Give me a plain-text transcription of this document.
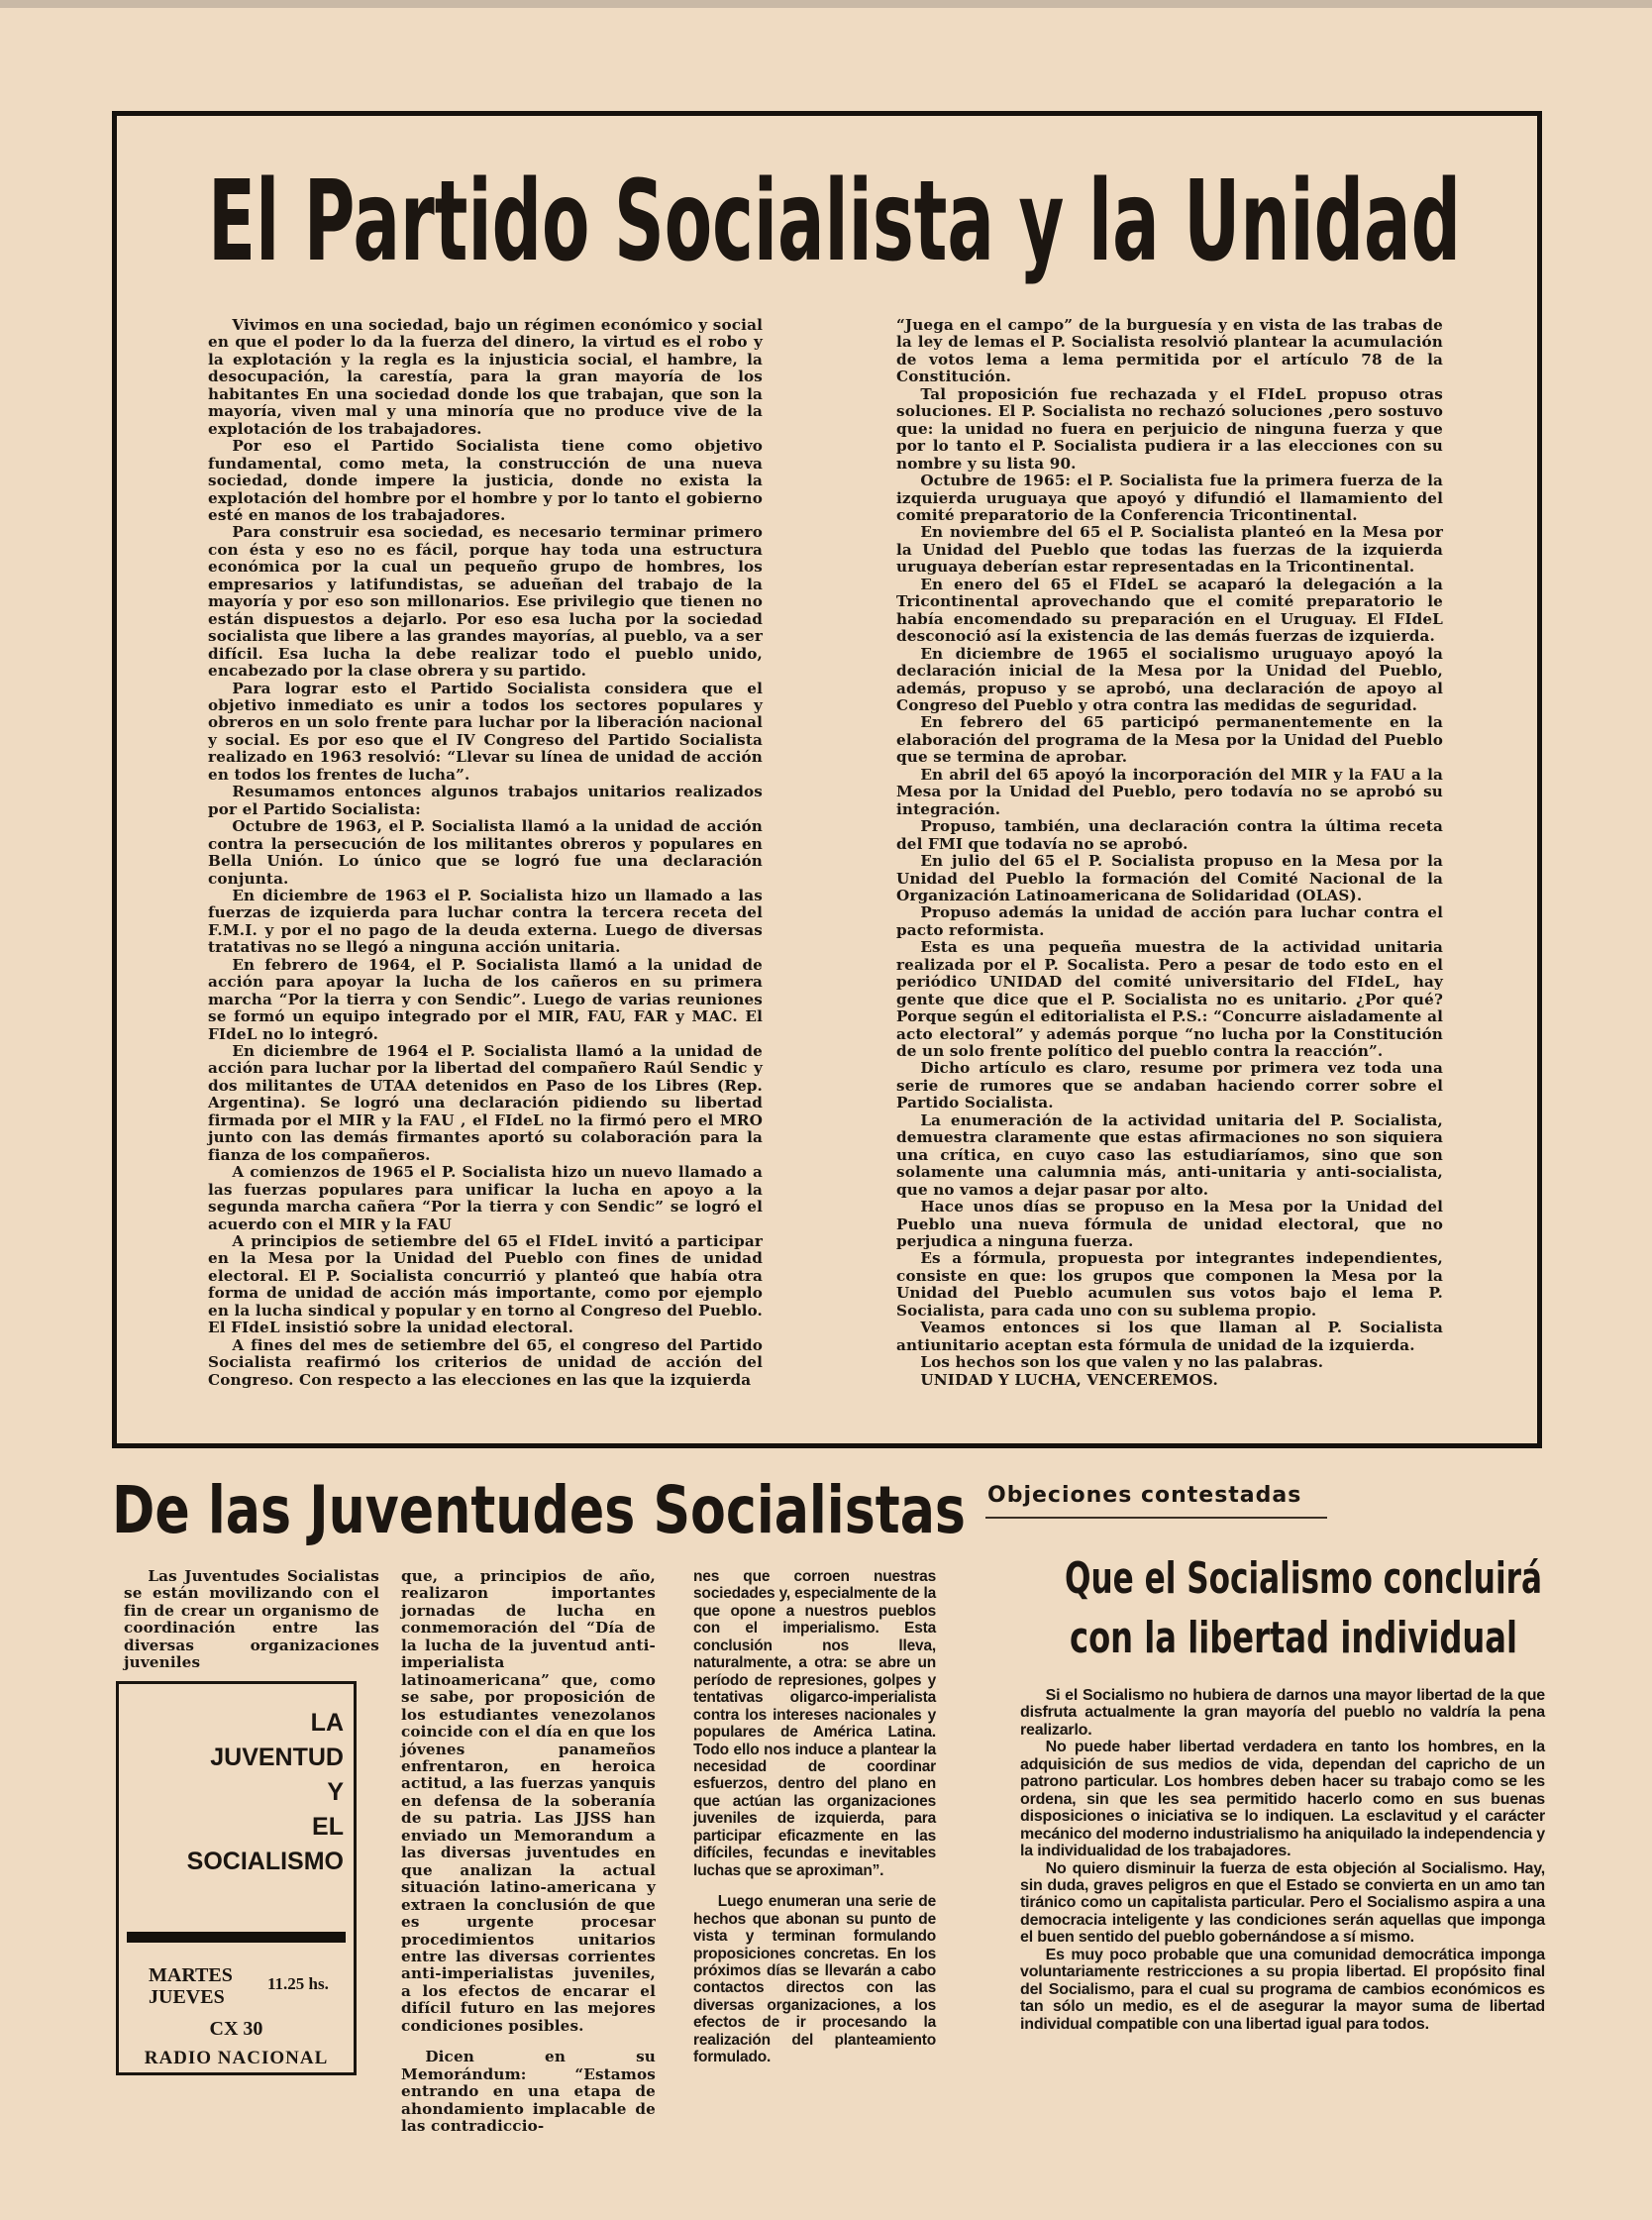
El Partido Socialista y la Unidad

Vivimos en una sociedad, bajo un régimen económico y social en que el poder lo da la fuerza del dinero, la virtud es el robo y la explotación y la regla es la injusticia social, el hambre, la desocupación, la carestía, para la gran mayoría de los habitantes En una sociedad donde los que trabajan, que son la mayoría, viven mal y una minoría que no produce vive de la explotación de los trabajadores.

Por eso el Partido Socialista tiene como objetivo fundamental, como meta, la construcción de una nueva sociedad, donde impere la justicia, donde no exista la explotación del hombre por el hombre y por lo tanto el gobierno esté en manos de los trabajadores.

Para construir esa sociedad, es necesario terminar primero con ésta y eso no es fácil, porque hay toda una estructura económica por la cual un pequeño grupo de hombres, los empresarios y latifundistas, se adueñan del trabajo de la mayoría y por eso son millonarios. Ese privilegio que tienen no están dispuestos a dejarlo. Por eso esa lucha por la sociedad socialista que libere a las grandes mayorías, al pueblo, va a ser difícil. Esa lucha la debe realizar todo el pueblo unido, encabezado por la clase obrera y su partido.

Para lograr esto el Partido Socialista considera que el objetivo inmediato es unir a todos los sectores populares y obreros en un solo frente para luchar por la liberación nacional y social. Es por eso que el IV Congreso del Partido Socialista realizado en 1963 resolvió: “Llevar su línea de unidad de acción en todos los frentes de lucha”.

Resumamos entonces algunos trabajos unitarios realizados por el Partido Socialista:

Octubre de 1963, el P. Socialista llamó a la unidad de acción contra la persecución de los militantes obreros y populares en Bella Unión. Lo único que se logró fue una declaración conjunta.

En diciembre de 1963 el P. Socialista hizo un llamado a las fuerzas de izquierda para luchar contra la tercera receta del F.M.I. y por el no pago de la deuda externa. Luego de diversas tratativas no se llegó a ninguna acción unitaria.

En febrero de 1964, el P. Socialista llamó a la unidad de acción para apoyar la lucha de los cañeros en su primera marcha “Por la tierra y con Sendic”. Luego de varias reuniones se formó un equipo integrado por el MIR, FAU, FAR y MAC. El FIdeL no lo integró.

En diciembre de 1964 el P. Socialista llamó a la unidad de acción para luchar por la libertad del compañero Raúl Sendic y dos militantes de UTAA detenidos en Paso de los Libres (Rep. Argentina). Se logró una declaración pidiendo su libertad firmada por el MIR y la FAU , el FIdeL no la firmó pero el MRO junto con las demás firmantes aportó su colaboración para la fianza de los compañeros.

A comienzos de 1965 el P. Socialista hizo un nuevo llamado a las fuerzas populares para unificar la lucha en apoyo a la segunda marcha cañera “Por la tierra y con Sendic” se logró el acuerdo con el MIR y la FAU

A principios de setiembre del 65 el FIdeL invitó a participar en la Mesa por la Unidad del Pueblo con fines de unidad electoral. El P. Socialista concurrió y planteó que había otra forma de unidad de acción más importante, como por ejemplo en la lucha sindical y popular y en torno al Congreso del Pueblo. El FIdeL insistió sobre la unidad electoral.

A fines del mes de setiembre del 65, el congreso del Partido Socialista reafirmó los criterios de unidad de acción del Congreso. Con respecto a las elecciones en las que la izquierda

“Juega en el campo” de la burguesía y en vista de las trabas de la ley de lemas el P. Socialista resolvió plantear la acumulación de votos lema a lema permitida por el artículo 78 de la Constitución.

Tal proposición fue rechazada y el FIdeL propuso otras soluciones. El P. Socialista no rechazó soluciones ,pero sostuvo que: la unidad no fuera en perjuicio de ninguna fuerza y que por lo tanto el P. Socialista pudiera ir a las elecciones con su nombre y su lista 90.

Octubre de 1965: el P. Socialista fue la primera fuerza de la izquierda uruguaya que apoyó y difundió el llamamiento del comité preparatorio de la Conferencia Tricontinental.

En noviembre del 65 el P. Socialista planteó en la Mesa por la Unidad del Pueblo que todas las fuerzas de la izquierda uruguaya deberían estar representadas en la Tricontinental.

En enero del 65 el FIdeL se acaparó la delegación a la Tricontinental aprovechando que el comité preparatorio le había encomendado su preparación en el Uruguay. El FIdeL desconoció así la existencia de las demás fuerzas de izquierda.

En diciembre de 1965 el socialismo uruguayo apoyó la declaración inicial de la Mesa por la Unidad del Pueblo, además, propuso y se aprobó, una declaración de apoyo al Congreso del Pueblo y otra contra las medidas de seguridad.

En febrero del 65 participó permanentemente en la elaboración del programa de la Mesa por la Unidad del Pueblo que se termina de aprobar.

En abril del 65 apoyó la incorporación del MIR y la FAU a la Mesa por la Unidad del Pueblo, pero todavía no se aprobó su integración.

Propuso, también, una declaración contra la última receta del FMI que todavía no se aprobó.

En julio del 65 el P. Socialista propuso en la Mesa por la Unidad del Pueblo la formación del Comité Nacional de la Organización Latinoamericana de Solidaridad (OLAS).

Propuso además la unidad de acción para luchar contra el pacto reformista.

Esta es una pequeña muestra de la actividad unitaria realizada por el P. Socalista. Pero a pesar de todo esto en el periódico UNIDAD del comité universitario del FIdeL, hay gente que dice que el P. Socialista no es unitario. ¿Por qué? Porque según el editorialista el P.S.: “Concurre aisladamente al acto electoral” y además porque “no lucha por la Constitución de un solo frente político del pueblo contra la reacción”.

Dicho artículo es claro, resume por primera vez toda una serie de rumores que se andaban haciendo correr sobre el Partido Socialista.

La enumeración de la actividad unitaria del P. Socialista, demuestra claramente que estas afirmaciones no son siquiera una crítica, en cuyo caso las estudiaríamos, sino que son solamente una calumnia más, anti-unitaria y anti-socialista, que no vamos a dejar pasar por alto.

Hace unos días se propuso en la Mesa por la Unidad del Pueblo una nueva fórmula de unidad electoral, que no perjudica a ninguna fuerza.

Es a fórmula, propuesta por integrantes independientes, consiste en que: los grupos que componen la Mesa por la Unidad del Pueblo acumulen sus votos bajo el lema P. Socialista, para cada uno con su sublema propio.

Veamos entonces si los que llaman al P. Socialista antiunitario aceptan esta fórmula de unidad de la izquierda.

Los hechos son los que valen y no las palabras.

UNIDAD Y LUCHA, VENCEREMOS.

De las Juventudes Socialistas

Las Juventudes Socialistas se están movilizando con el fin de crear un organismo de coordinación entre las diversas organizaciones juveniles

LA
JUVENTUD
Y
EL
SOCIALISMO
MARTES
JUEVES
11.25 hs.
CX 30
RADIO NACIONAL

que, a principios de año, realizaron importantes jornadas de lucha en conmemoración del “Día de la lucha de la juventud anti-imperialista latinoamericana” que, como se sabe, por proposición de los estudiantes venezolanos coincide con el día en que los jóvenes panameños enfrentaron, en heroica actitud, a las fuerzas yanquis en defensa de la soberanía de su patria. Las JJSS han enviado un Memorandum a las diversas juventudes en que analizan la actual situación latino-americana y extraen la conclusión de que es urgente procesar procedimientos unitarios entre las diversas corrientes anti-imperialistas juveniles, a los efectos de encarar el difícil futuro en las mejores condiciones posibles.

Dicen en su Memorándum: “Estamos entrando en una etapa de ahondamiento implacable de las contradiccio-

nes que corroen nuestras sociedades y, especialmente de la que opone a nuestros pueblos con el imperialismo. Esta conclusión nos lleva, naturalmente, a otra: se abre un período de represiones, golpes y tentativas oligarco-imperialista contra los intereses nacionales y populares de América Latina. Todo ello nos induce a plantear la necesidad de coordinar esfuerzos, dentro del plano en que actúan las organizaciones juveniles de izquierda, para participar eficazmente en las difíciles, fecundas e inevitables luchas que se aproximan”.

Luego enumeran una serie de hechos que abonan su punto de vista y terminan formulando proposiciones concretas. En los próximos días se llevarán a cabo contactos directos con las diversas organizaciones, a los efectos de ir procesando la realización del planteamiento formulado.

Objeciones contestadas
Que el Socialismo concluirá
con la libertad individual

Si el Socialismo no hubiera de darnos una mayor libertad de la que disfruta actualmente la gran mayoría del pueblo no valdría la pena realizarlo.

No puede haber libertad verdadera en tanto los hombres, en la adquisición de sus medios de vida, dependan del capricho de un patrono particular. Los hombres deben hacer su trabajo como se les ordena, sin que les sea permitido hacerlo como en sus buenas disposiciones o iniciativa se lo indiquen. La esclavitud y el carácter mecánico del moderno industrialismo ha aniquilado la independencia y la individualidad de los trabajadores.

No quiero disminuir la fuerza de esta objeción al Socialismo. Hay, sin duda, graves peligros en que el Estado se convierta en un amo tan tiránico como un capitalista particular. Pero el Socialismo aspira a una democracia inteligente y las condiciones serán aquellas que imponga el buen sentido del pueblo gobernándose a sí mismo.

Es muy poco probable que una comunidad democrática imponga voluntariamente restricciones a su propia libertad. El propósito final del Socialismo, para el cual su programa de cambios económicos es tan sólo un medio, es el de asegurar la mayor suma de libertad individual compatible con una libertad igual para todos.
